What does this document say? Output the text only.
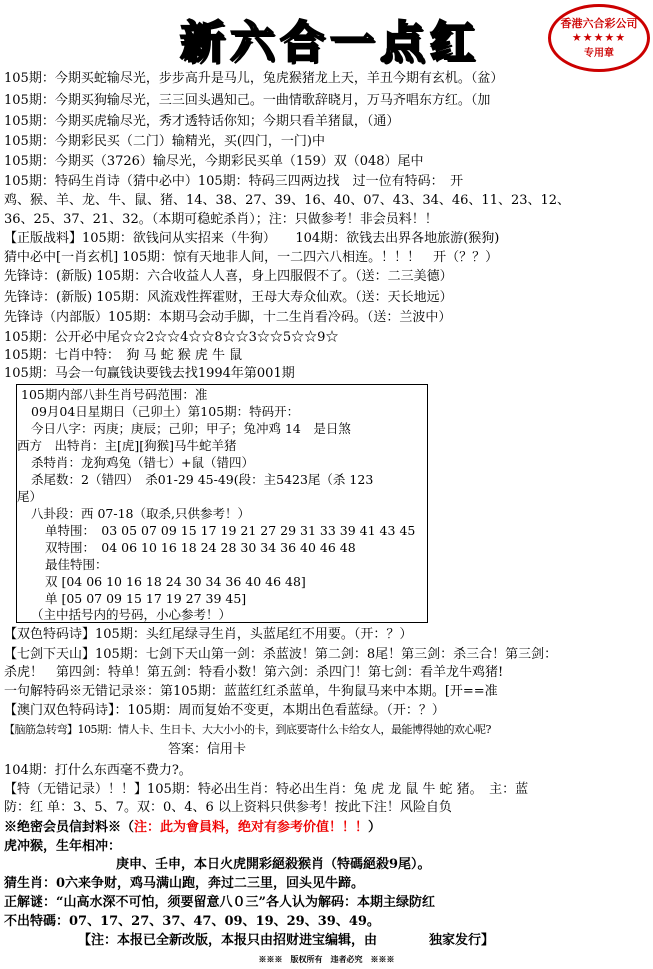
新六合一点红	香港六合彩公司
★★★★★
专用章
105期：今期买蛇输尽光，步步高升是马儿，兔虎猴猪龙上天，羊丑今期有玄机。（盆）
105期：今期买狗输尽光，三三回头遇知己。一曲情歌辞晓月，万马齐唱东方红。（加
105期：今期买虎输尽光，秀才透特话你知；今期只看羊猪鼠，（通）
105期：今期彩民买（二门）输精光，买(四门，一门)中
105期：今期买（3726）输尽光，今期彩民买单（159）双（048）尾中
105期：特码生肖诗（猜中必中）105期：特码三四两边找　过一位有特码：　开
鸡、猴、羊、龙、牛、鼠、猪、14、38、27、39、16、40、07、43、34、46、11、23、12、
36、25、37、21、32。（本期可稳蛇杀肖）；注：只做参考！非会员料！！
【正版战料】105期：欲钱问从实招来（牛狗）　　104期：欲钱去出界各地旅游(猴狗)
猜中必中[一肖玄机] 105期：惊有天地非人间，一二四六八相连。！！！　开（？？）
先锋诗：(新版) 105期：六合收益人人喜，身上四服假不了。（送：二三美德）
先锋诗：(新版) 105期：风流戏性挥霍财，王母大寿众仙欢。（送：天长地远）
先锋诗（内部版）105期：本期马会动手脚，十二生肖看冷码。（送：兰波中）
105期：公开必中尾☆☆2☆☆4☆☆8☆☆3☆☆5☆☆9☆
105期：七肖中特：　狗 马 蛇 猴 虎 牛 鼠
105期：马会一句赢钱诀要钱去找1994年第001期
105期内部八卦生肖号码范围：准
09月04日星期日（己卯土）第105期：特码开：
今日八字：丙庚；庚辰；己卯；甲子；兔冲鸡 14　是日煞
西方　出特肖：主[虎][狗猴]马牛蛇羊猪
杀特肖：龙狗鸡兔（错七）+鼠（错四）
杀尾数：2（错四）　杀01-29 45-49(段：主5423尾（杀 123
尾）
八卦段：西 07-18（取杀,只供参考！）
单特围：　03 05 07 09 15 17 19 21 27 29 31 33 39 41 43 45
双特围：　04 06 10 16 18 24 28 30 34 36 40 46 48
最佳特围：
双 [04 06 10 16 18 24 30 34 36 40 46 48]
单 [05 07 09 15 17 19 27 39 45]
（主中括号内的号码，小心参考！）
【双色特码诗】105期：头红尾绿寻生肖，头蓝尾红不用要。（开：？）
【七剑下天山】105期：七剑下天山第一剑：杀蓝波！第二剑：8尾！第三剑：杀三合！第三剑：
杀虎！　第四剑：特单！第五剑：特看小数！第六剑：杀四门！第七剑：看羊龙牛鸡猪!
一句解特码※无错记录※：第105期：蓝蓝红红杀蓝单，牛狗鼠马来中本期。[开==准
【澳门双色特码诗】：105期：周而复始不变更，本期出色看蓝绿。（开：？）
【脑筋急转弯】105期：情人卡、生日卡、大大小小的卡，到底要寄什么卡给女人，最能博得她的欢心呢?
答案：信用卡
104期：打什么东西毫不费力?。
【特（无错记录）！！】105期：特必出生肖：特必出生肖：兔 虎 龙 鼠 牛 蛇 猪。　主：蓝
防：红 单：3、5、7。双：0、4、6 以上资料只供参考！按此下注！风险自负
※绝密会员信封料※（注：此为會員料，绝对有参考价值！！！）
虎冲猴，生年相冲：
庚申、壬申，本日火虎開彩絕殺猴肖（特碼絕殺9尾）。
猜生肖：0六来争财，鸡马满山跑，奔过二三里，回头见牛蹄。
正解谜：“山高水深不可怕，须要留意八０三”各人认为解码：本期主绿防红
不出特碼：07、17、27、37、47、09、19、29、39、49。
【注：本报已全新改版，本报只由招财进宝编辑，由　　　　独家发行】
※※※　版权所有　违者必究　※※※
